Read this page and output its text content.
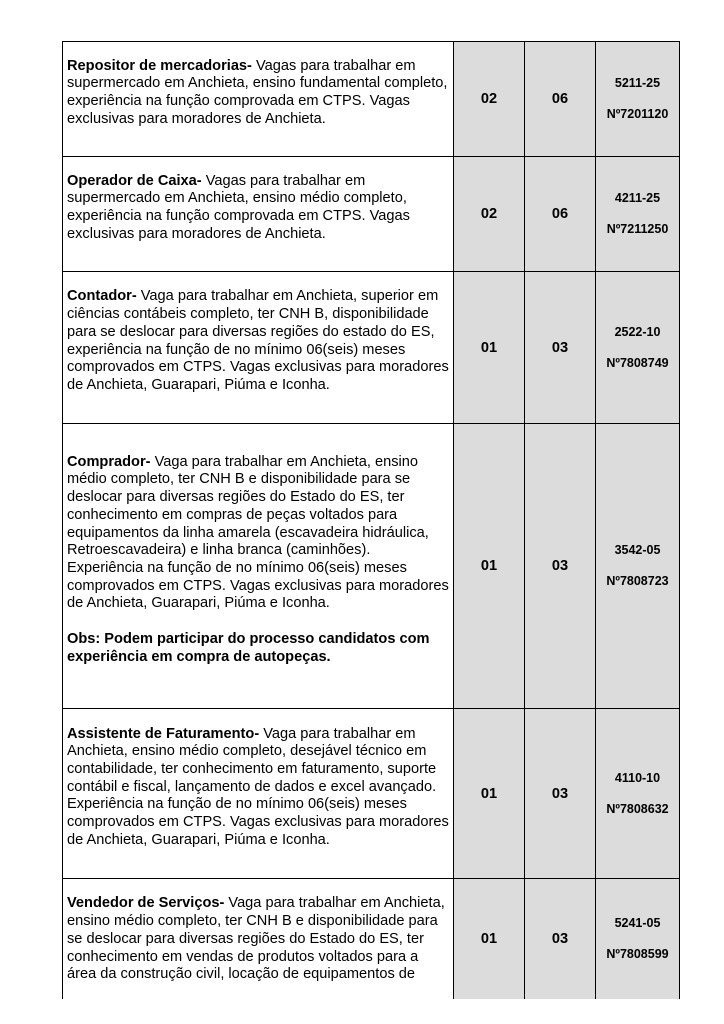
Repositor de mercadorias- Vagas para trabalhar em supermercado em Anchieta, ensino fundamental completo, experiência na função comprovada em CTPS. Vagas exclusivas para moradores de Anchieta.	02	06	5211-25
Nº7201120

Operador de Caixa- Vagas para trabalhar em supermercado em Anchieta, ensino médio completo, experiência na função comprovada em CTPS. Vagas exclusivas para moradores de Anchieta.	02	06	4211-25
Nº7211250

Contador- Vaga para trabalhar em Anchieta, superior em ciências contábeis completo, ter CNH B, disponibilidade para se deslocar para diversas regiões do estado do ES, experiência na função de no mínimo 06(seis) meses comprovados em CTPS. Vagas exclusivas para moradores de Anchieta, Guarapari, Piúma e Iconha.	01	03	2522-10
Nº7808749

Comprador- Vaga para trabalhar em Anchieta, ensino médio completo, ter CNH B e disponibilidade para se deslocar para diversas regiões do Estado do ES, ter conhecimento em compras de peças voltados para equipamentos da linha amarela (escavadeira hidráulica, Retroescavadeira) e linha branca (caminhões). Experiência na função de no mínimo 06(seis) meses comprovados em CTPS. Vagas exclusivas para moradores de Anchieta, Guarapari, Piúma e Iconha.
Obs: Podem participar do processo candidatos com experiência em compra de autopeças.	01	03	3542-05
Nº7808723

Assistente de Faturamento- Vaga para trabalhar em Anchieta, ensino médio completo, desejável técnico em contabilidade, ter conhecimento em faturamento, suporte contábil e fiscal, lançamento de dados e excel avançado. Experiência na função de no mínimo 06(seis) meses comprovados em CTPS. Vagas exclusivas para moradores de Anchieta, Guarapari, Piúma e Iconha.	01	03	4110-10
Nº7808632

Vendedor de Serviços- Vaga para trabalhar em Anchieta, ensino médio completo, ter CNH B e disponibilidade para se deslocar para diversas regiões do Estado do ES, ter conhecimento em vendas de produtos voltados para a área da construção civil, locação de equipamentos de	01	03	5241-05
Nº7808599
